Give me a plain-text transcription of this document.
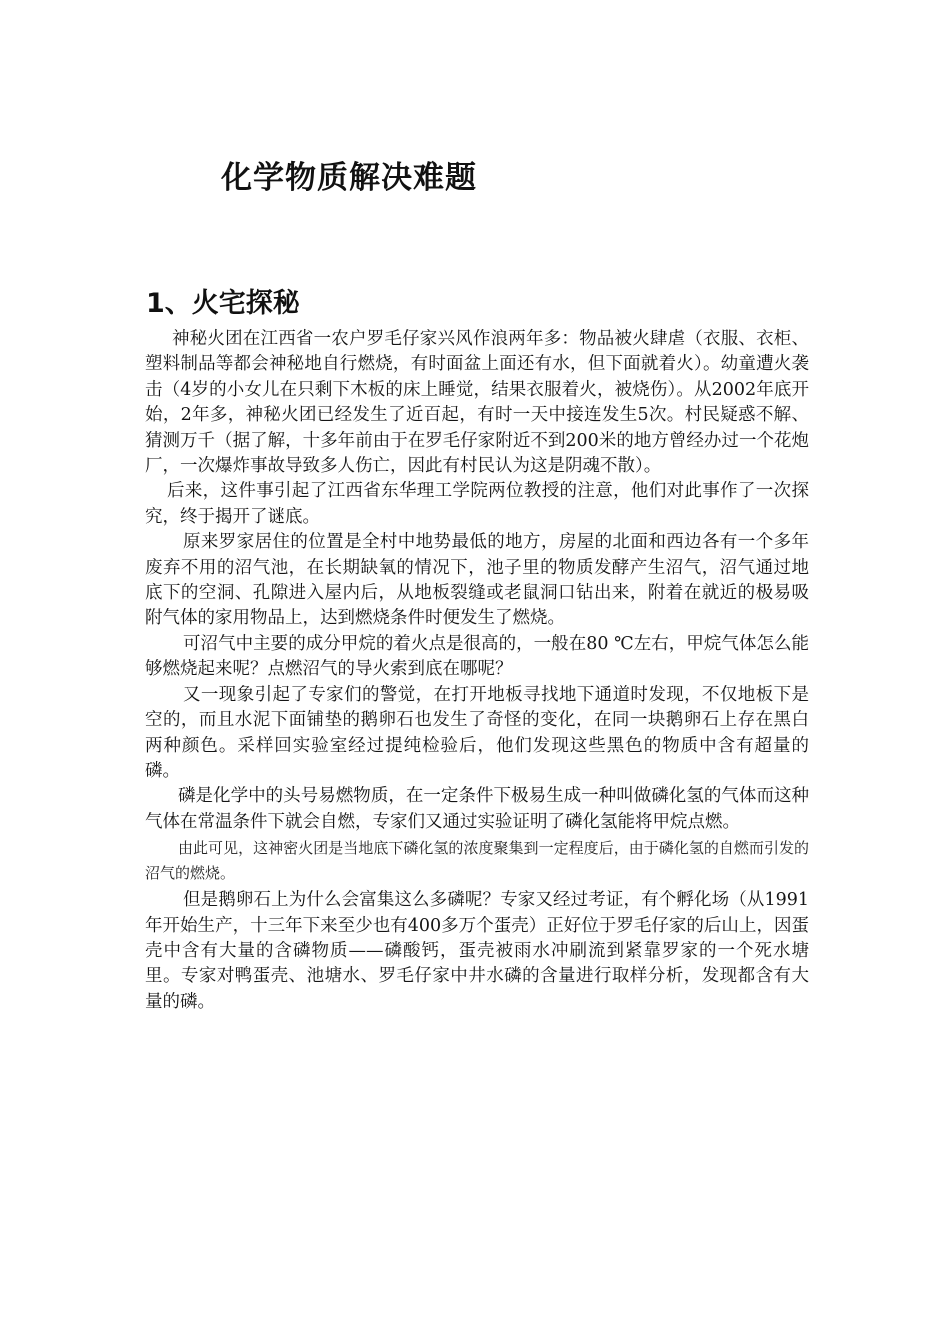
化学物质解决难题
1、火宅探秘

神秘火团在江西省一农户罗毛仔家兴风作浪两年多：物品被火肆虐（衣服、衣柜、塑料制品等都会神秘地自行燃烧，有时面盆上面还有水，但下面就着火）。幼童遭火袭击（4岁的小女儿在只剩下木板的床上睡觉，结果衣服着火，被烧伤）。从2002年底开始，2年多，神秘火团已经发生了近百起，有时一天中接连发生5次。村民疑惑不解、猜测万千（据了解，十多年前由于在罗毛仔家附近不到200米的地方曾经办过一个花炮厂，一次爆炸事故导致多人伤亡，因此有村民认为这是阴魂不散）。

后来，这件事引起了江西省东华理工学院两位教授的注意，他们对此事作了一次探究，终于揭开了谜底。

原来罗家居住的位置是全村中地势最低的地方，房屋的北面和西边各有一个多年废弃不用的沼气池，在长期缺氧的情况下，池子里的物质发酵产生沼气，沼气通过地底下的空洞、孔隙进入屋内后，从地板裂缝或老鼠洞口钻出来，附着在就近的极易吸附气体的家用物品上，达到燃烧条件时便发生了燃烧。

可沼气中主要的成分甲烷的着火点是很高的，一般在80 ℃左右，甲烷气体怎么能够燃烧起来呢？点燃沼气的导火索到底在哪呢？

又一现象引起了专家们的警觉，在打开地板寻找地下通道时发现，不仅地板下是空的，而且水泥下面铺垫的鹅卵石也发生了奇怪的变化，在同一块鹅卵石上存在黑白两种颜色。采样回实验室经过提纯检验后，他们发现这些黑色的物质中含有超量的磷。

磷是化学中的头号易燃物质，在一定条件下极易生成一种叫做磷化氢的气体而这种气体在常温条件下就会自燃，专家们又通过实验证明了磷化氢能将甲烷点燃。

由此可见，这神密火团是当地底下磷化氢的浓度聚集到一定程度后，由于磷化氢的自燃而引发的沼气的燃烧。

但是鹅卵石上为什么会富集这么多磷呢？专家又经过考证，有个孵化场（从1991年开始生产，十三年下来至少也有400多万个蛋壳）正好位于罗毛仔家的后山上，因蛋壳中含有大量的含磷物质——磷酸钙，蛋壳被雨水冲刷流到紧靠罗家的一个死水塘里。专家对鸭蛋壳、池塘水、罗毛仔家中井水磷的含量进行取样分析，发现都含有大量的磷。
